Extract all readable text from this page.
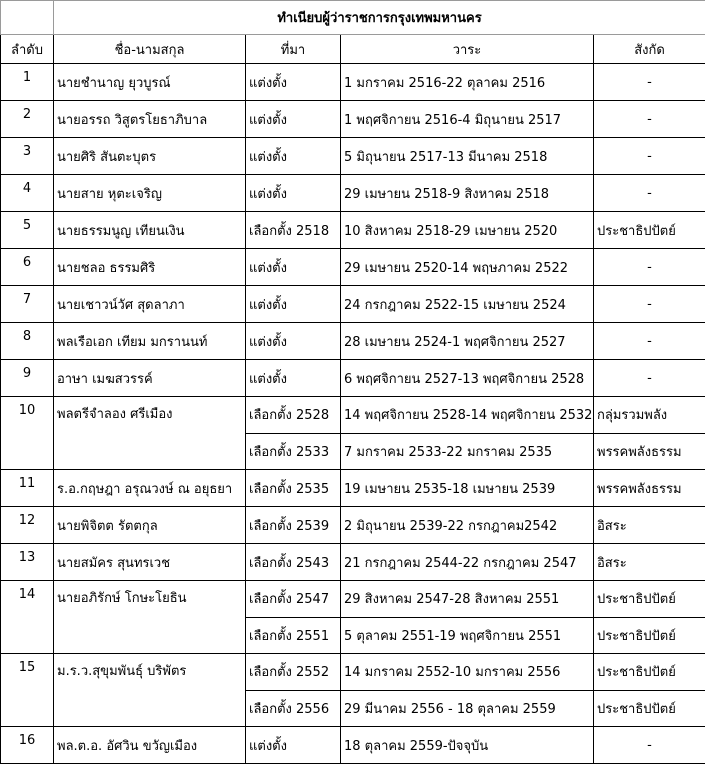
	ทำเนียบผู้ว่าราชการกรุงเทพมหานคร			
ลำดับ	ชื่อ-นามสกุล	ที่มา	วาระ	สังกัด
1	นายชำนาญ ยุวบูรณ์	แต่งตั้ง	1 มกราคม 2516-22 ตุลาคม 2516	-
2	นายอรรถ วิสูตรโยธาภิบาล	แต่งตั้ง	1 พฤศจิกายน 2516-4 มิถุนายน 2517	-
3	นายศิริ สันตะบุตร	แต่งตั้ง	5 มิถุนายน 2517-13 มีนาคม 2518	-
4	นายสาย หุตะเจริญ	แต่งตั้ง	29 เมษายน 2518-9 สิงหาคม 2518	-
5	นายธรรมนูญ เทียนเงิน	เลือกตั้ง 2518	10 สิงหาคม 2518-29 เมษายน 2520	ประชาธิปปัตย์
6	นายชลอ ธรรมศิริ	แต่งตั้ง	29 เมษายน 2520-14 พฤษภาคม 2522	-
7	นายเชาวน์วัศ สุดลาภา	แต่งตั้ง	24 กรกฎาคม 2522-15 เมษายน 2524	-
8	พลเรือเอก เทียม มกรานนท์	แต่งตั้ง	28 เมษายน 2524-1 พฤศจิกายน 2527	-
9	อาษา เมฆสวรรค์	แต่งตั้ง	6 พฤศจิกายน 2527-13 พฤศจิกายน 2528	-
10	พลตรีจำลอง ศรีเมือง	เลือกตั้ง 2528	14 พฤศจิกายน 2528-14 พฤศจิกายน 2532	กลุ่มรวมพลัง
		เลือกตั้ง 2533	7 มกราคม 2533-22 มกราคม 2535	พรรคพลังธรรม
11	ร.อ.กฤษฎา อรุณวงษ์ ณ อยุธยา	เลือกตั้ง 2535	19 เมษายน 2535-18 เมษายน 2539	พรรคพลังธรรม
12	นายพิจิตต รัตตกุล	เลือกตั้ง 2539	2 มิถุนายน 2539-22 กรกฎาคม2542	อิสระ
13	นายสมัคร สุนทรเวช	เลือกตั้ง 2543	21 กรกฎาคม 2544-22 กรกฎาคม 2547	อิสระ
14	นายอภิรักษ์ โกษะโยธิน	เลือกตั้ง 2547	29 สิงหาคม 2547-28 สิงหาคม 2551	ประชาธิปปัตย์
		เลือกตั้ง 2551	5 ตุลาคม 2551-19 พฤศจิกายน 2551	ประชาธิปปัตย์
15	ม.ร.ว.สุขุมพันธุ์ บริพัตร	เลือกตั้ง 2552	14 มกราคม 2552-10 มกราคม 2556	ประชาธิปปัตย์
		เลือกตั้ง 2556	29 มีนาคม 2556 - 18 ตุลาคม 2559	ประชาธิปปัตย์
16	พล.ต.อ. อัศวิน ขวัญเมือง	แต่งตั้ง	18 ตุลาคม 2559-ปัจจุบัน	-
